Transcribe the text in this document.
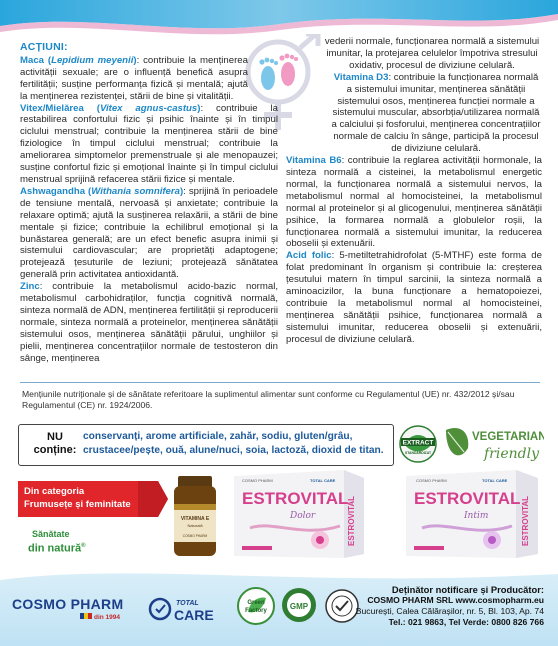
ACȚIUNI:

Maca (Lepidium meyenii): contribuie la menținerea activității sexuale; are o influență benefică asupra fertilității; susține performanța fizică și mentală; ajută la menținerea rezistenței, stării de bine și vitalității.

Vitex/Mielărea (Vitex agnus-castus): contribuie la restabilirea confortului fizic și psihic înainte și în timpul ciclului menstrual; contribuie la menținerea stării de bine fiziologice în timpul ciclului menstrual; contribuie la ameliorarea simptomelor premenstruale și ale menopauzei; susține confortul fizic și emoțional înainte și în timpul ciclului menstrual sprijină refacerea stării fizice și mentale.

Ashwagandha (Withania somnifera): sprijină în perioadele de tensiune mentală, nervoasă și anxietate; contribuie la relaxare optimă; ajută la susținerea relaxării, a stării de bine mentale și fizice; contribuie la echilibrul emoțional și la bunăstarea generală; are un efect benefic asupra inimii și sistemului cardiovascular; are proprietăți adaptogene; protejează țesuturile de leziuni; protejează sănătatea generală prin activitatea antioxidantă.

Zinc: contribuie la metabolismul acido-bazic normal, metabolismul carbohidraților, funcția cognitivă normală, sinteza normală de ADN, menținerea fertilității și reproducerii normale, sinteza normală a proteinelor, menținerea sănătății sistemului osos, menținerea sănătății părului, unghiilor și pielii, menținerea concentrațiilor normale de testosteron din sânge, menținerea

vederii normale, funcționarea normală a sistemului imunitar, la protejarea celulelor împotriva stresului oxidativ, procesul de diviziune celulară.

Vitamina D3: contribuie la funcționarea normală a sistemului imunitar, menținerea sănătății sistemului osos, menținerea funcției normale a sistemului muscular, absorbția/utilizarea normală a calciului și fosforului, menținerea concentrațiilor normale de calciu în sânge, participă la procesul de diviziune celulară.

Vitamina B6: contribuie la reglarea activității hormonale, la sinteza normală a cisteinei, la metabolismul energetic normal, la funcționarea normală a sistemului nervos, la metabolismul normal al homocisteinei, la metabolismul normal al proteinelor și al glicogenului, menținerea sănătății psihice, la formarea normală a globulelor roșii, la funcționarea normală a sistemului imunitar, la reducerea oboselii și extenuării.

Acid folic: 5-metiltetrahidrofolat (5-MTHF) este forma de folat predominant în organism și contribuie la: creșterea țesutului matern în timpul sarcinii, la sinteza normală a aminoacizilor, la buna funcționare a hematopoiezei, contribuie la metabolismul normal al homocisteinei, menținerea sănătății psihice, funcționarea normală a sistemului imunitar, reducerea oboselii și extenuării, procesul de diviziune celulară.

Mențiunile nutriționale și de sănătate referitoare la suplimentul alimentar sunt conforme cu Regulamentul (UE) nr. 432/2012 și/sau Regulamentul (CE) nr. 1924/2006.
NU conține:
conservanți, arome artificiale, zahăr, sodiu, gluten/grâu, crustacee/pește, ouă, alune/nuci, soia, lactoză, dioxid de titan.
EXTRACT
STANDARDIZAT
VEGETARIAN
friendly
Din categoria
Frumusețe și feminitate
Sănătate
din natură®
VITAMINA E
Naturală
COSMO PHARM
COSMO PHARM	TOTAL CARE
ESTROVITAL
Dolor	ESTROVITAL
COSMO PHARM	TOTAL CARE
ESTROVITAL
Intim	ESTROVITAL
COSMO PHARM
din 1994
TOTAL
CARE
Green
Factory	GMP
Deținător notificare și Producător:
COSMO PHARM SRL www.cosmopharm.eu
București, Calea Călărașilor, nr. 5, Bl. 103, Ap. 74
Tel.: 021 9863, Tel Verde: 0800 826 766
